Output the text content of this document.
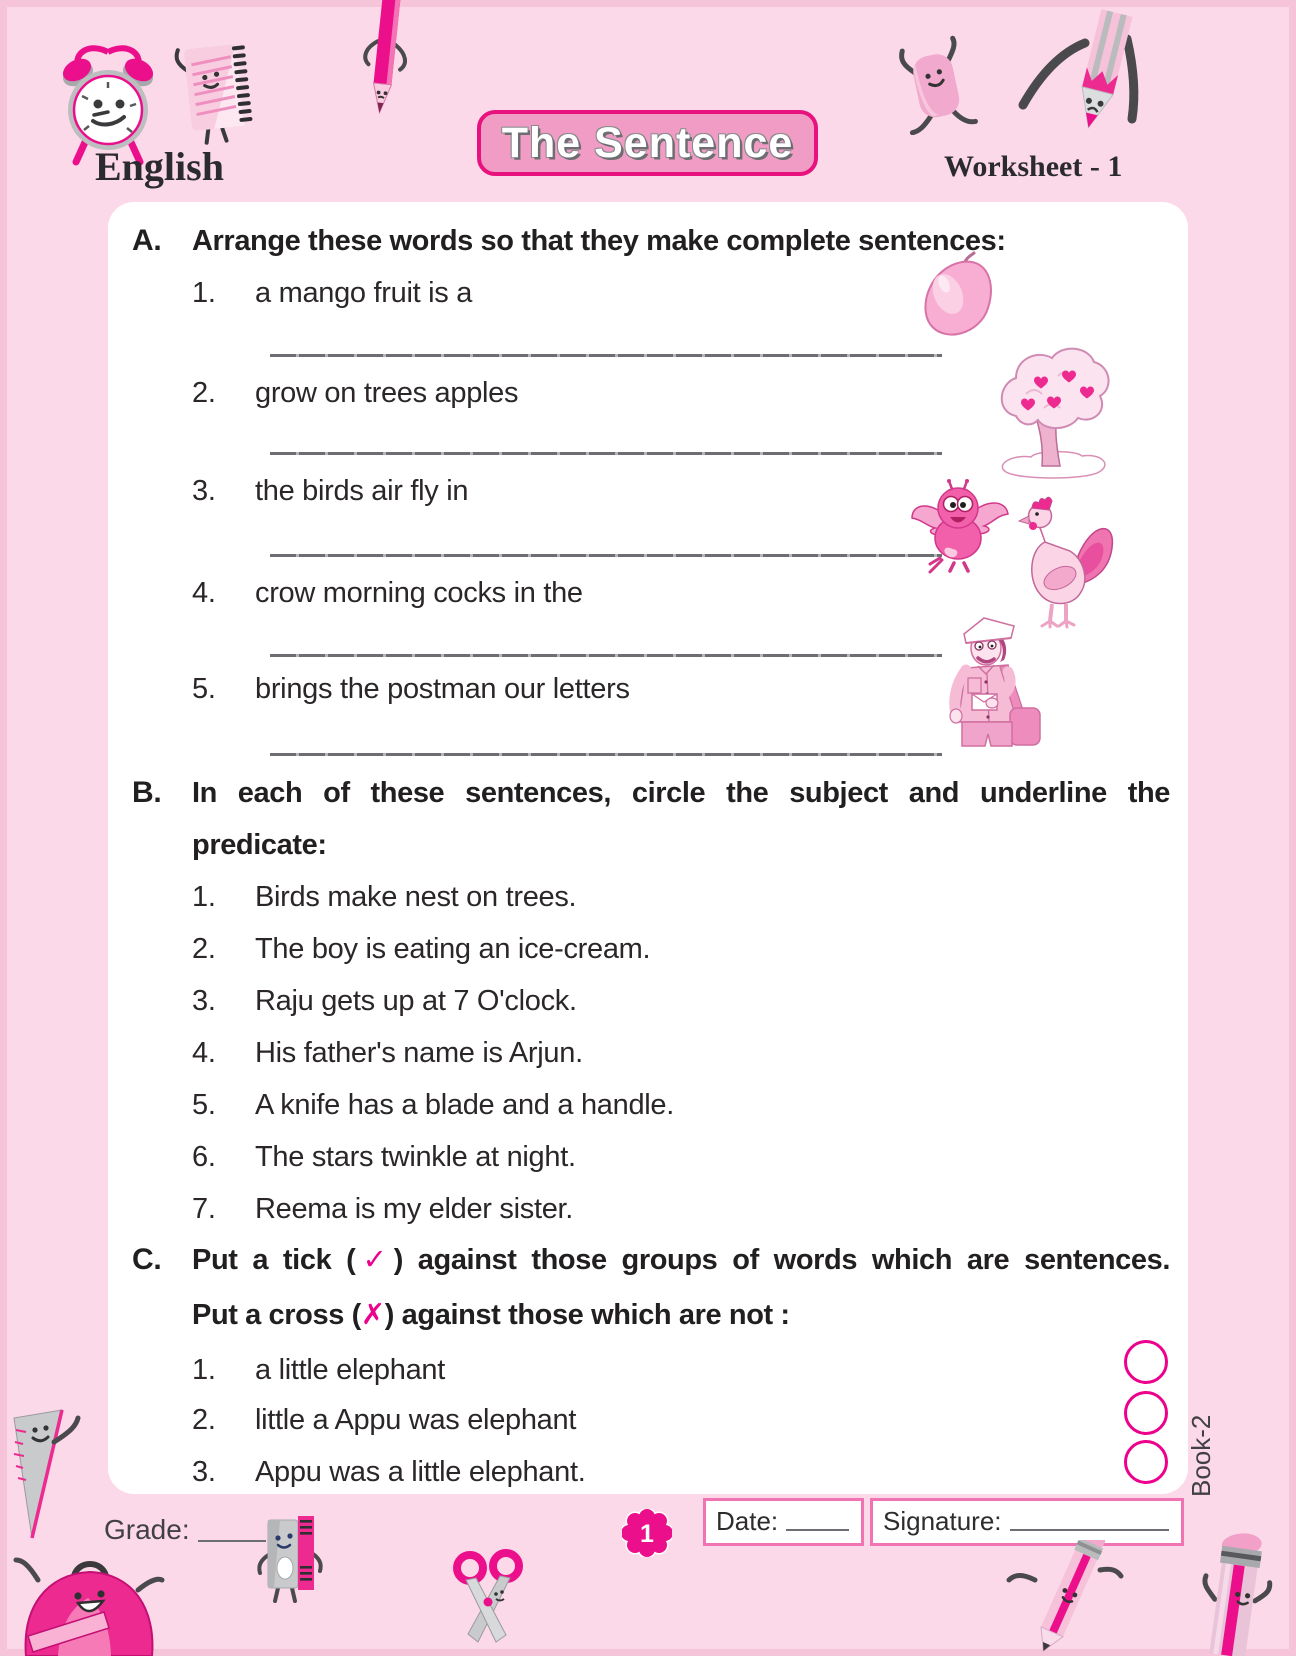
English	The Sentence	Worksheet - 1
A. Arrange these words so that they make complete sentences:
1.	a mango fruit is a
2.	grow on trees apples
3.	the birds air fly in
4.	crow morning cocks in the
5.	brings the postman our letters
B. In each of these sentences, circle the subject and underline the
predicate:
1.	Birds make nest on trees.
2.	The boy is eating an ice-cream.
3.	Raju gets up at 7 O'clock.
4.	His father's name is Arjun.
5.	A knife has a blade and a handle.
6.	The stars twinkle at night.
7.	Reema is my elder sister.
C. Put a tick (✓) against those groups of words which are sentences.
Put a cross (✗) against those which are not :
1.	a little elephant
2.	little a Appu was elephant
3.	Appu was a little elephant.
Grade:	1 Date:	Signature:
Book-2
